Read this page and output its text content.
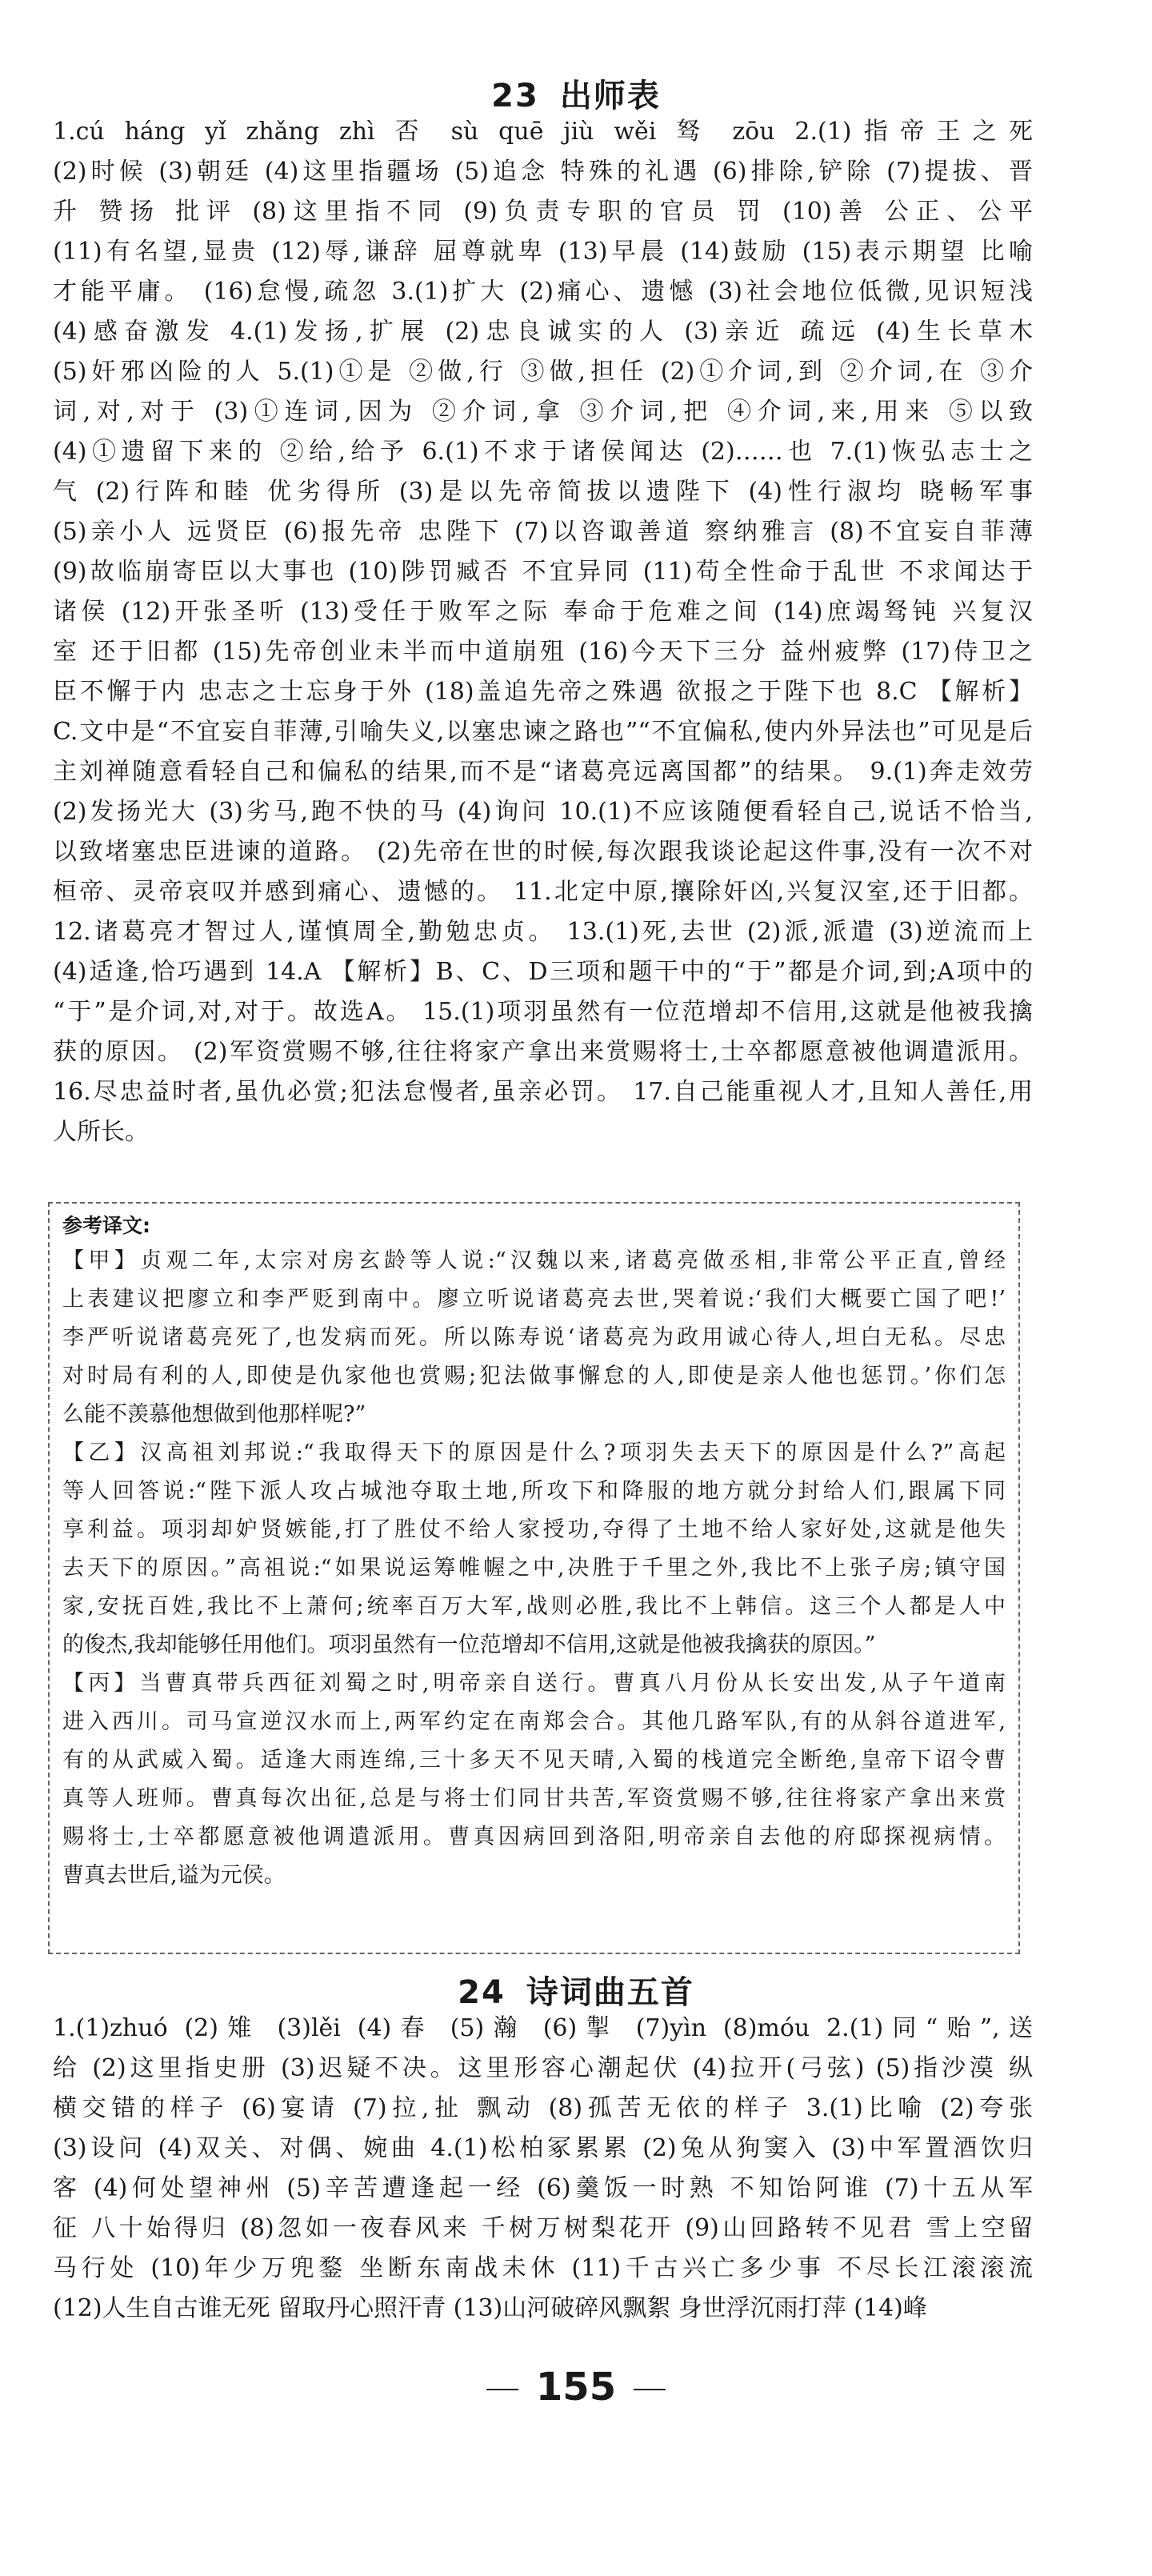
23 出师表
1.cú háng yǐ zhǎng zhì 否 sù quē jiù wěi 驽 zōu 2.(1)指帝王之死
(2)时候 (3)朝廷 (4)这里指疆场 (5)追念 特殊的礼遇 (6)排除,铲除 (7)提拔、晋
升 赞扬 批评 (8)这里指不同 (9)负责专职的官员 罚 (10)善 公正、公平
(11)有名望,显贵 (12)辱,谦辞 屈尊就卑 (13)早晨 (14)鼓励 (15)表示期望 比喻
才能平庸。 (16)怠慢,疏忽 3.(1)扩大 (2)痛心、遗憾 (3)社会地位低微,见识短浅
(4)感奋激发 4.(1)发扬,扩展 (2)忠良诚实的人 (3)亲近 疏远 (4)生长草木
(5)奸邪凶险的人 5.(1)①是 ②做,行 ③做,担任 (2)①介词,到 ②介词,在 ③介
词,对,对于 (3)①连词,因为 ②介词,拿 ③介词,把 ④介词,来,用来 ⑤以致
(4)①遗留下来的 ②给,给予 6.(1)不求于诸侯闻达 (2)……也 7.(1)恢弘志士之
气 (2)行阵和睦 优劣得所 (3)是以先帝简拔以遗陛下 (4)性行淑均 晓畅军事
(5)亲小人 远贤臣 (6)报先帝 忠陛下 (7)以咨诹善道 察纳雅言 (8)不宜妄自菲薄
(9)故临崩寄臣以大事也 (10)陟罚臧否 不宜异同 (11)苟全性命于乱世 不求闻达于
诸侯 (12)开张圣听 (13)受任于败军之际 奉命于危难之间 (14)庶竭驽钝 兴复汉
室 还于旧都 (15)先帝创业未半而中道崩殂 (16)今天下三分 益州疲弊 (17)侍卫之
臣不懈于内 忠志之士忘身于外 (18)盖追先帝之殊遇 欲报之于陛下也 8.C 【解析】
C.文中是“不宜妄自菲薄,引喻失义,以塞忠谏之路也”“不宜偏私,使内外异法也”可见是后
主刘禅随意看轻自己和偏私的结果,而不是“诸葛亮远离国都”的结果。 9.(1)奔走效劳
(2)发扬光大 (3)劣马,跑不快的马 (4)询问 10.(1)不应该随便看轻自己,说话不恰当,
以致堵塞忠臣进谏的道路。 (2)先帝在世的时候,每次跟我谈论起这件事,没有一次不对
桓帝、灵帝哀叹并感到痛心、遗憾的。 11.北定中原,攘除奸凶,兴复汉室,还于旧都。
12.诸葛亮才智过人,谨慎周全,勤勉忠贞。 13.(1)死,去世 (2)派,派遣 (3)逆流而上
(4)适逢,恰巧遇到 14.A 【解析】B、C、D三项和题干中的“于”都是介词,到;A项中的
“于”是介词,对,对于。故选A。 15.(1)项羽虽然有一位范增却不信用,这就是他被我擒
获的原因。 (2)军资赏赐不够,往往将家产拿出来赏赐将士,士卒都愿意被他调遣派用。
16.尽忠益时者,虽仇必赏;犯法怠慢者,虽亲必罚。 17.自己能重视人才,且知人善任,用
人所长。
参考译文:
【甲】贞观二年,太宗对房玄龄等人说:“汉魏以来,诸葛亮做丞相,非常公平正直,曾经
上表建议把廖立和李严贬到南中。廖立听说诸葛亮去世,哭着说:‘我们大概要亡国了吧!’
李严听说诸葛亮死了,也发病而死。所以陈寿说‘诸葛亮为政用诚心待人,坦白无私。尽忠
对时局有利的人,即使是仇家他也赏赐;犯法做事懈怠的人,即使是亲人他也惩罚。’你们怎
么能不羡慕他想做到他那样呢?”
【乙】汉高祖刘邦说:“我取得天下的原因是什么?项羽失去天下的原因是什么?”高起
等人回答说:“陛下派人攻占城池夺取土地,所攻下和降服的地方就分封给人们,跟属下同
享利益。项羽却妒贤嫉能,打了胜仗不给人家授功,夺得了土地不给人家好处,这就是他失
去天下的原因。”高祖说:“如果说运筹帷幄之中,决胜于千里之外,我比不上张子房;镇守国
家,安抚百姓,我比不上萧何;统率百万大军,战则必胜,我比不上韩信。这三个人都是人中
的俊杰,我却能够任用他们。项羽虽然有一位范增却不信用,这就是他被我擒获的原因。”
【丙】当曹真带兵西征刘蜀之时,明帝亲自送行。曹真八月份从长安出发,从子午道南
进入西川。司马宣逆汉水而上,两军约定在南郑会合。其他几路军队,有的从斜谷道进军,
有的从武威入蜀。适逢大雨连绵,三十多天不见天晴,入蜀的栈道完全断绝,皇帝下诏令曹
真等人班师。曹真每次出征,总是与将士们同甘共苦,军资赏赐不够,往往将家产拿出来赏
赐将士,士卒都愿意被他调遣派用。曹真因病回到洛阳,明帝亲自去他的府邸探视病情。
曹真去世后,谥为元侯。
24 诗词曲五首
1.(1)zhuó (2)雉 (3)lěi (4)春 (5)瀚 (6)掣 (7)yìn (8)móu 2.(1)同“贻”,送
给 (2)这里指史册 (3)迟疑不决。这里形容心潮起伏 (4)拉开(弓弦) (5)指沙漠 纵
横交错的样子 (6)宴请 (7)拉,扯 飘动 (8)孤苦无依的样子 3.(1)比喻 (2)夸张
(3)设问 (4)双关、对偶、婉曲 4.(1)松柏冢累累 (2)兔从狗窦入 (3)中军置酒饮归
客 (4)何处望神州 (5)辛苦遭逢起一经 (6)羹饭一时熟 不知饴阿谁 (7)十五从军
征 八十始得归 (8)忽如一夜春风来 千树万树梨花开 (9)山回路转不见君 雪上空留
马行处 (10)年少万兜鍪 坐断东南战未休 (11)千古兴亡多少事 不尽长江滚滚流
(12)人生自古谁无死 留取丹心照汗青 (13)山河破碎风飘絮 身世浮沉雨打萍 (14)峰
155
